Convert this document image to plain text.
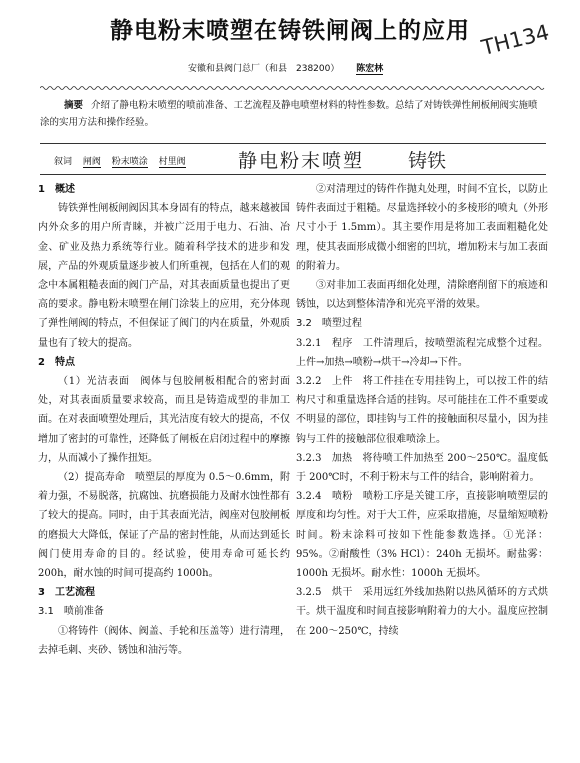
静电粉末喷塑在铸铁闸阀上的应用 TH134
安徽和县阀门总厂（和县　238200） 陈宏林
摘要 介绍了静电粉末喷塑的喷前准备、工艺流程及静电喷塑材料的特性参数。总结了对铸铁弹性闸板闸阀实施喷涂的实用方法和操作经验。
叙词 闸阀 粉末喷涂 村里阀	静电粉末喷塑 铸铁

1　概述

铸铁弹性闸板闸阀因其本身固有的特点，越来越被国内外众多的用户所青睐，并被广泛用于电力、石油、冶金、矿业及热力系统等行业。随着科学技术的进步和发展，产品的外观质量逐步被人们所重视，包括在人们的观念中本属粗糙表面的阀门产品，对其表面质量也提出了更高的要求。静电粉末喷塑在闸门涂装上的应用，充分体现了弹性闸阀的特点，不但保证了阀门的内在质量，外观质量也有了较大的提高。

2　特点

（1）光洁表面　阀体与包胶闸板相配合的密封面处，对其表面质量要求较高，而且是铸造成型的非加工面。在对表面喷塑处理后，其光洁度有较大的提高，不仅增加了密封的可靠性，还降低了闸板在启闭过程中的摩擦力，从而减小了操作扭矩。

（2）提高寿命　喷塑层的厚度为 0.5～0.6mm，附着力强，不易脱落，抗腐蚀、抗磨损能力及耐水蚀性都有了较大的提高。同时，由于其表面光洁，阀座对包胶闸板的磨损大大降低，保证了产品的密封性能，从而达到延长阀门使用寿命的目的。经试验，使用寿命可延长约 200h，耐水蚀的时间可提高约 1000h。

3　工艺流程

3.1　喷前准备

①将铸件（阀体、阀盖、手轮和压盖等）进行清理，去掉毛刺、夹砂、锈蚀和油污等。

②对清理过的铸件作抛丸处理，时间不宜长，以防止铸件表面过于粗糙。尽量选择较小的多棱形的喷丸（外形尺寸小于 1.5mm）。其主要作用是将加工表面粗糙化处理，使其表面形成微小细密的凹坑，增加粉末与加工表面的附着力。

③对非加工表面再细化处理，清除磨削留下的痕迹和锈蚀，以达到整体清净和光亮平滑的效果。

3.2　喷塑过程

3.2.1　程序　工件清理后，按喷塑流程完成整个过程。上件→加热→喷粉→烘干→冷却→下件。

3.2.2　上件　将工件挂在专用挂钩上，可以按工件的结构尺寸和重量选择合适的挂钩。尽可能挂在工件不重要或不明显的部位，即挂钩与工件的接触面积尽量小，因为挂钩与工件的接触部位很难喷涂上。

3.2.3　加热　将待喷工件加热至 200～250℃。温度低于 200℃时，不利于粉末与工件的结合，影响附着力。

3.2.4　喷粉　喷粉工序是关键工序，直接影响喷塑层的厚度和均匀性。对于大工件，应采取措施，尽量缩短喷粉时间。粉末涂料可按如下性能参数选择。①光泽：95%。②耐酸性（3% HCl）：240h 无损坏。耐盐雾：1000h 无损坏。耐水性：1000h 无损坏。

3.2.5　烘干　采用远红外线加热附以热风循环的方式烘干。烘干温度和时间直接影响附着力的大小。温度应控制在 200～250℃，持续
